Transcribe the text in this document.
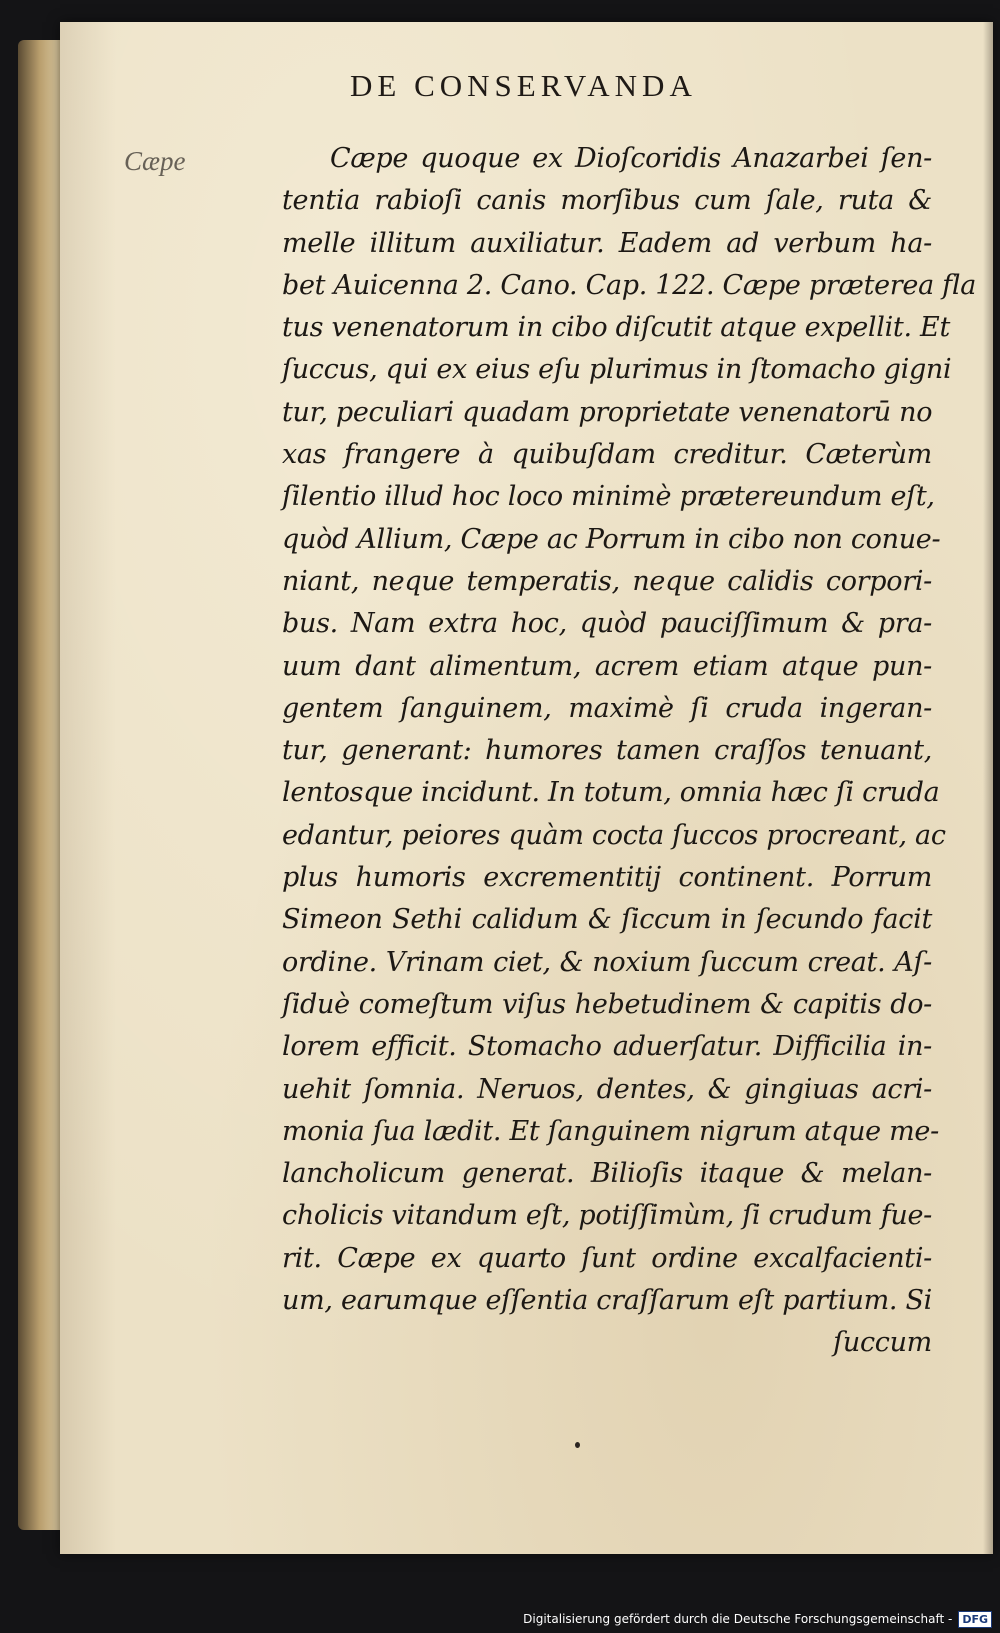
DE CONSERVANDA
Cæpe	Cæpe quoque ex Dioſcoridis Anazarbei ſen-
tentia rabioſi canis morſibus cum ſale, ruta &
melle illitum auxiliatur. Eadem ad verbum ha-
bet Auicenna 2. Cano. Cap. 122. Cæpe præterea fla
tus venenatorum in cibo diſcutit atque expellit. Et
ſuccus, qui ex eius eſu plurimus in ſtomacho gigni
tur, peculiari quadam proprietate venenatorū no
xas frangere à quibuſdam creditur. Cæterùm
ſilentio illud hoc loco minimè prætereundum eſt,
quòd Allium, Cæpe ac Porrum in cibo non conue-
niant, neque temperatis, neque calidis corpori-
bus. Nam extra hoc, quòd pauciſſimum & pra-
uum dant alimentum, acrem etiam atque pun-
gentem ſanguinem, maximè ſi cruda ingeran-
tur, generant: humores tamen craſſos tenuant,
lentosque incidunt. In totum, omnia hæc ſi cruda
edantur, peiores quàm cocta ſuccos procreant, ac
plus humoris excrementitij continent. Porrum
Simeon Sethi calidum & ſiccum in ſecundo facit
ordine. Vrinam ciet, & noxium ſuccum creat. Aſ-
ſiduè comeſtum viſus hebetudinem & capitis do-
lorem efficit. Stomacho aduerſatur. Difficilia in-
uehit ſomnia. Neruos, dentes, & gingiuas acri-
monia ſua lædit. Et ſanguinem nigrum atque me-
lancholicum generat. Biliοſis itaque & melan-
cholicis vitandum eſt, potiſſimùm, ſi crudum fue-
rit. Cæpe ex quarto ſunt ordine excalfacienti-
um, earumque eſſentia craſſarum eſt partium. Si
ſuccum
Digitalisierung gefördert durch die Deutsche Forschungsgemeinschaft - DFG
